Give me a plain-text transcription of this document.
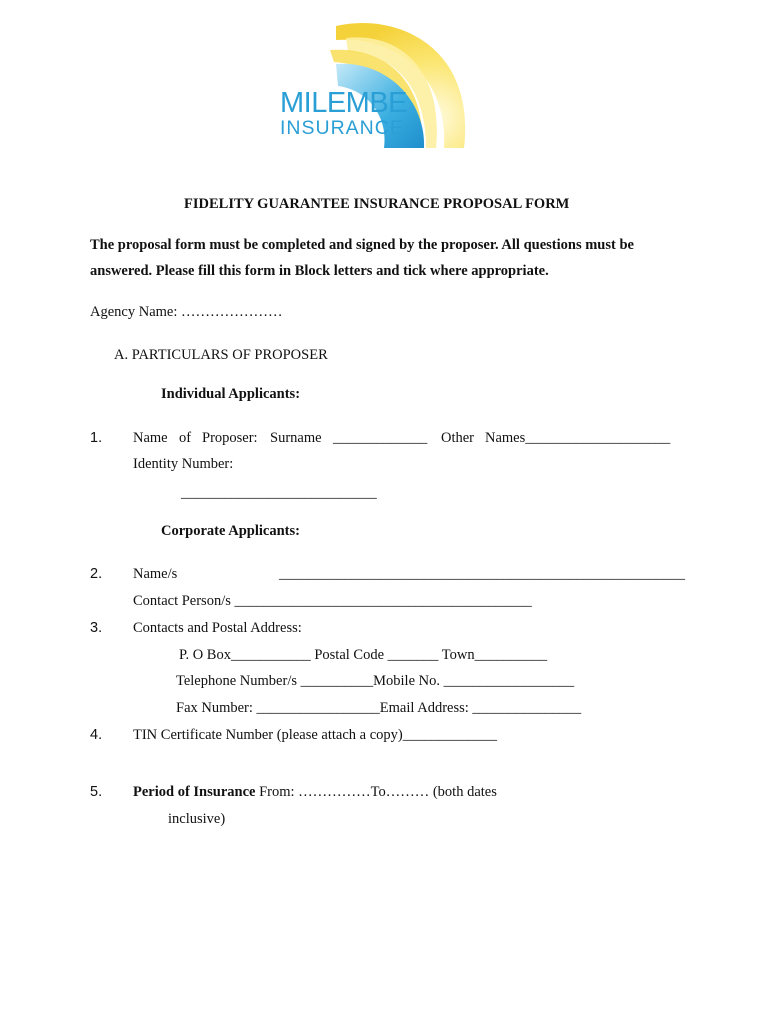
MILEMBE
INSURANCE
FIDELITY GUARANTEE INSURANCE PROPOSAL FORM
The proposal form must be completed and signed by the proposer. All questions must be
answered. Please fill this form in Block letters and tick where appropriate.
Agency Name: …………………
A. PARTICULARS OF PROPOSER
Individual Applicants:
1. Name of Proposer: Surname _____________ Other Names____________________
Identity Number:
___________________________
Corporate Applicants:
2. Name/s	________________________________________________________
Contact Person/s _________________________________________
3. Contacts and Postal Address:
P. O Box___________ Postal Code _______ Town__________
Telephone Number/s __________Mobile No. __________________
Fax Number: _________________Email Address: _______________
4. TIN Certificate Number (please attach a copy)_____________
5. Period of Insurance From: ……………To……… (both dates
inclusive)
